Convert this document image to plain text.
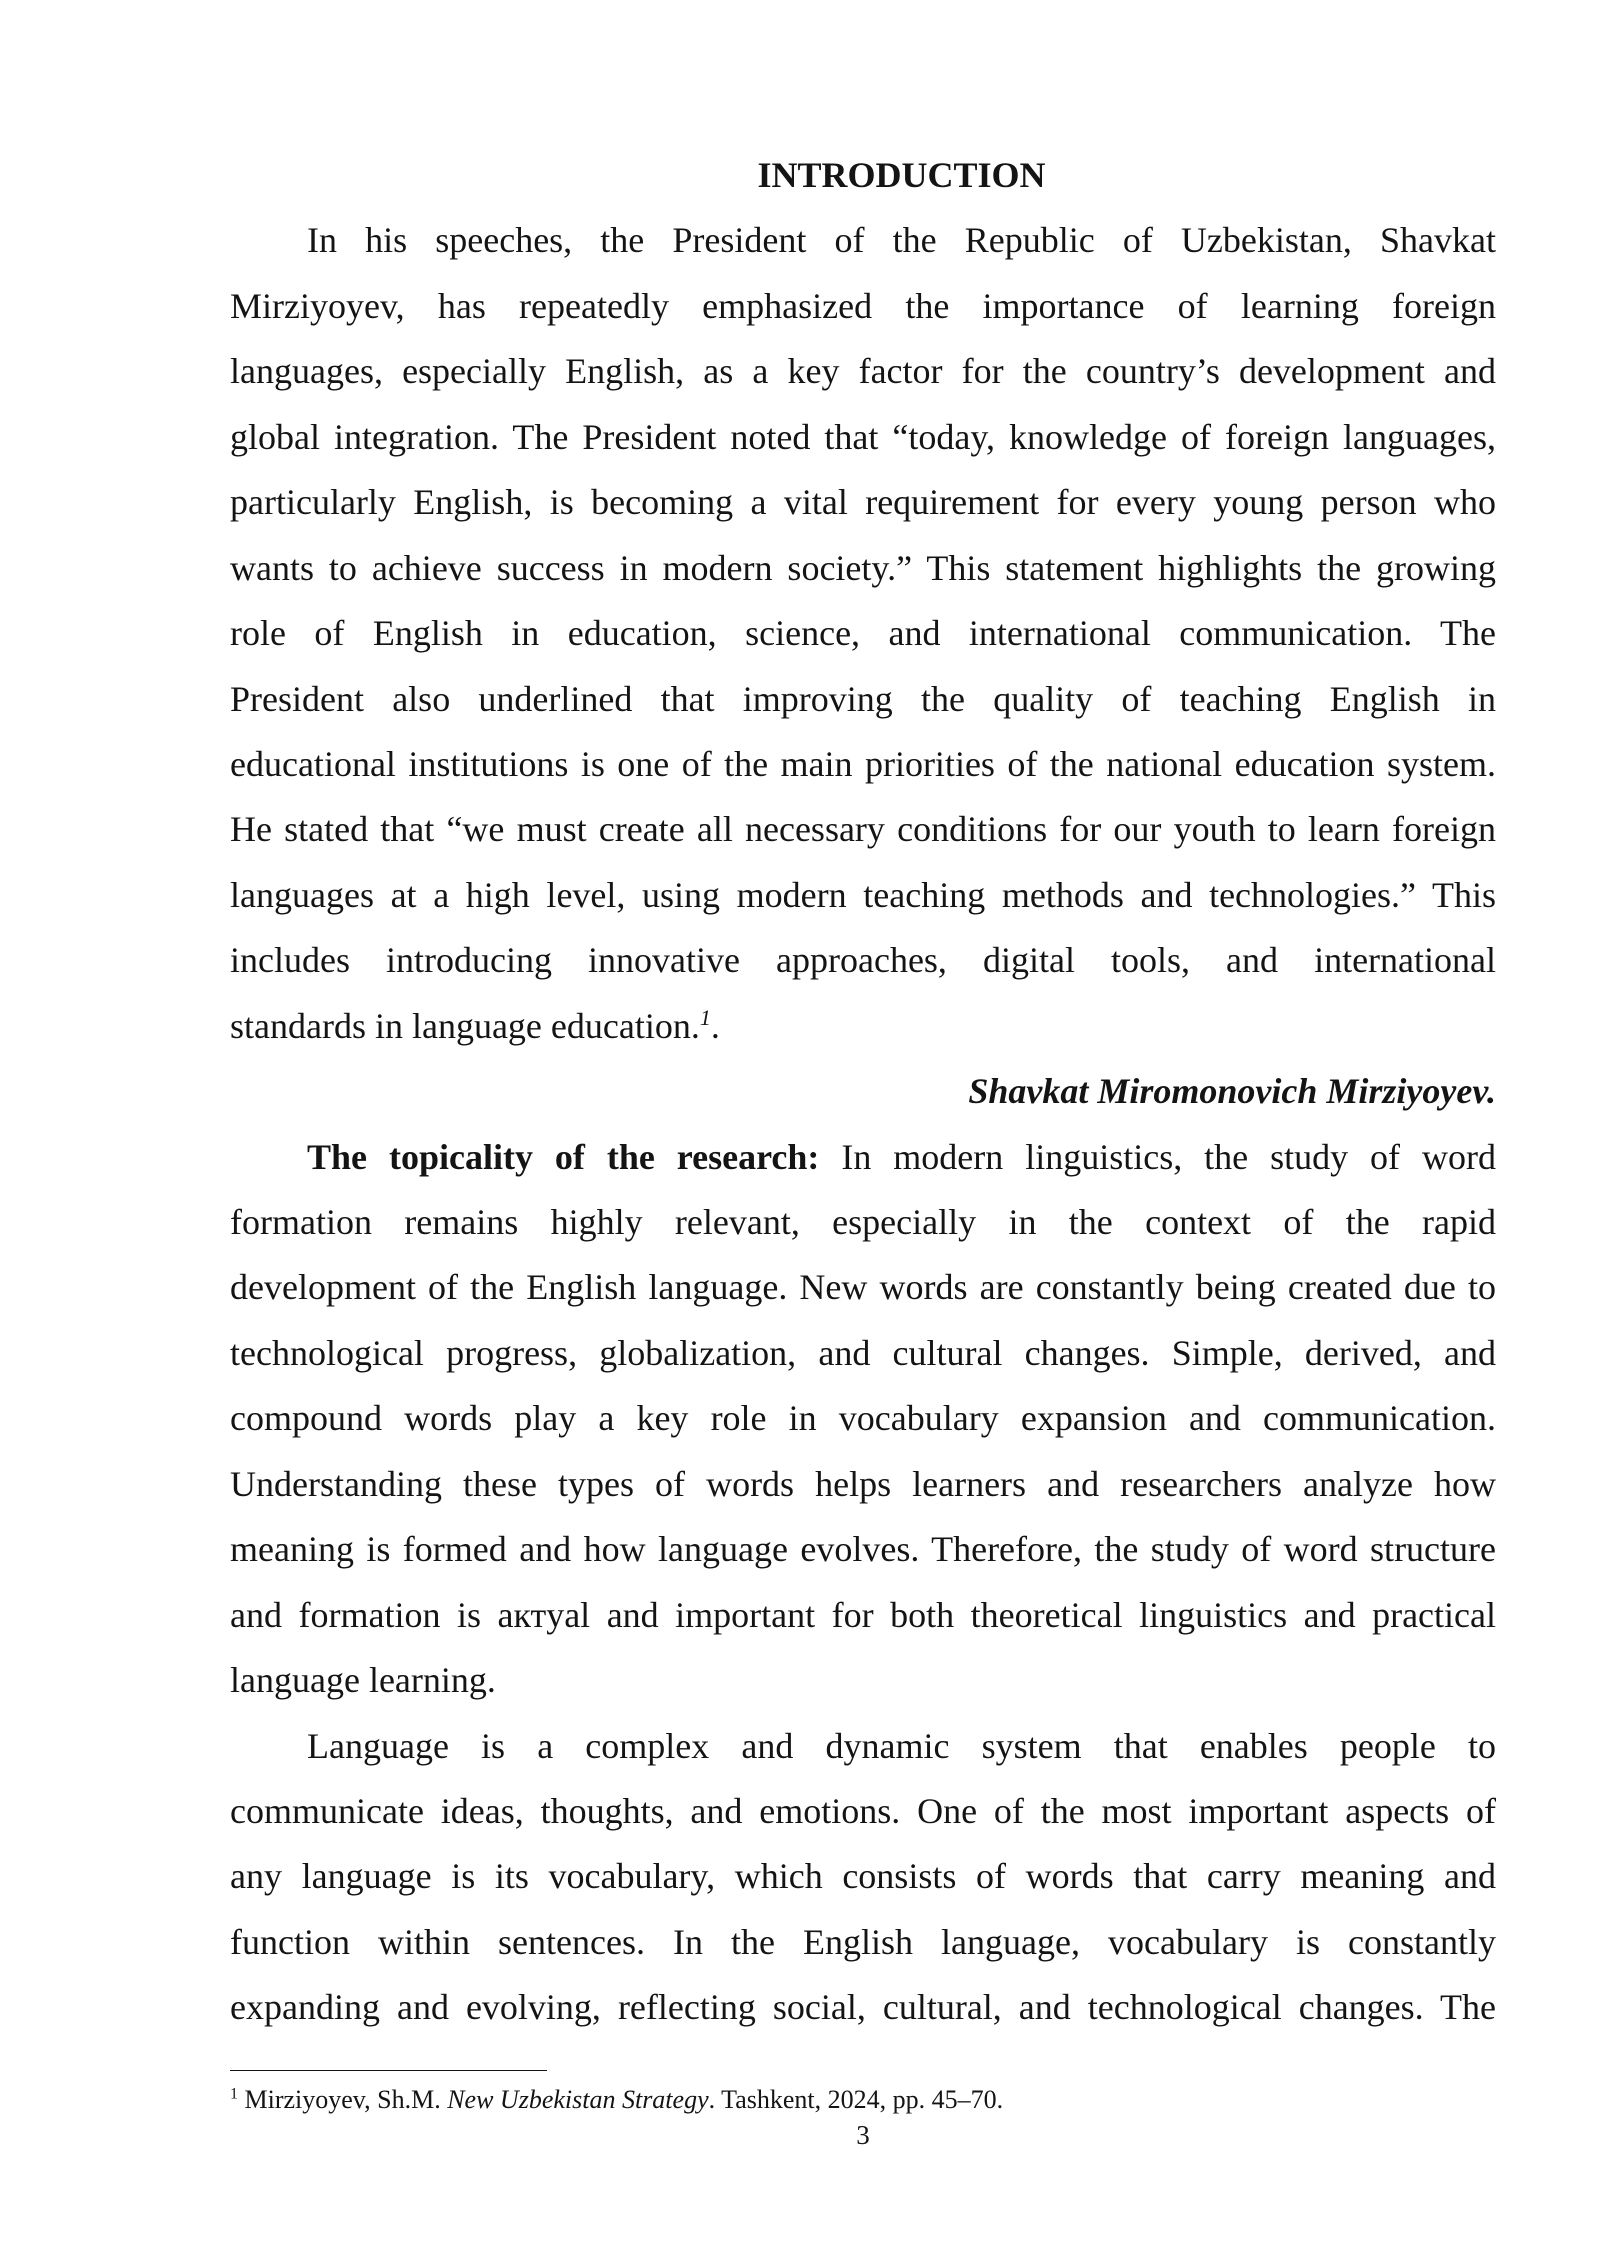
INTRODUCTION
In his speeches, the President of the Republic of Uzbekistan, Shavkat
Mirziyoyev, has repeatedly emphasized the importance of learning foreign
languages, especially English, as a key factor for the country’s development and
global integration. The President noted that “today, knowledge of foreign languages,
particularly English, is becoming a vital requirement for every young person who
wants to achieve success in modern society.” This statement highlights the growing
role of English in education, science, and international communication. The
President also underlined that improving the quality of teaching English in
educational institutions is one of the main priorities of the national education system.
He stated that “we must create all necessary conditions for our youth to learn foreign
languages at a high level, using modern teaching methods and technologies.” This
includes introducing innovative approaches, digital tools, and international
standards in language education.$^1$.
Shavkat Miromonovich Mirziyoyev.
The topicality of the research: In modern linguistics, the study of word
formation remains highly relevant, especially in the context of the rapid
development of the English language. New words are constantly being created due to
technological progress, globalization, and cultural changes. Simple, derived, and
compound words play a key role in vocabulary expansion and communication.
Understanding these types of words helps learners and researchers analyze how
meaning is formed and how language evolves. Therefore, the study of word structure
and formation is aктyal and important for both theoretical linguistics and practical
language learning.
Language is a complex and dynamic system that enables people to
communicate ideas, thoughts, and emotions. One of the most important aspects of
any language is its vocabulary, which consists of words that carry meaning and
function within sentences. In the English language, vocabulary is constantly
expanding and evolving, reflecting social, cultural, and technological changes. The
$^1$ Mirziyoyev, Sh.M. New Uzbekistan Strategy. Tashkent, 2024, pp. 45–70.
3
